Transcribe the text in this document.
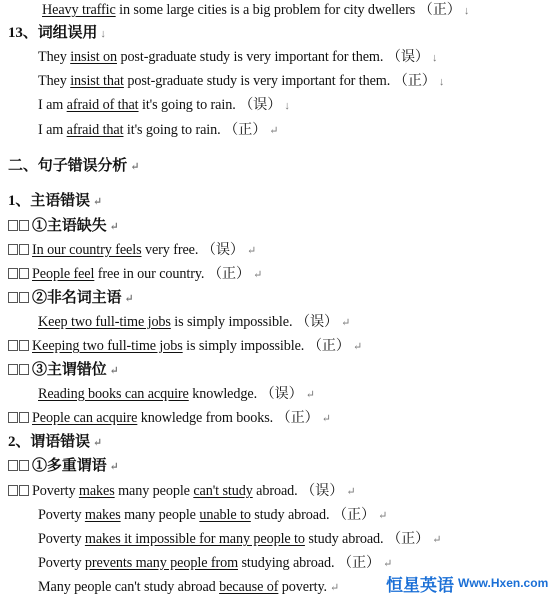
Heavy traffic in some large cities is a big problem for city dwellers （正） ↓
13、词组误用 ↓
They insist on post-graduate study is very important for them. （误） ↓
They insist that post-graduate study is very important for them. （正） ↓
I am afraid of that it's going to rain. （误） ↓
I am afraid that it's going to rain. （正） ↵
二、句子错误分析 ↵
1、主语错误 ↵
①主语缺失 ↵
In our country feels very free. （误） ↵
People feel free in our country. （正） ↵
②非名词主语 ↵
Keep two full-time jobs is simply impossible. （误） ↵
Keeping two full-time jobs is simply impossible. （正） ↵
③主谓错位 ↵
Reading books can acquire knowledge. （误） ↵
People can acquire knowledge from books. （正） ↵
2、谓语错误 ↵
①多重谓语 ↵
Poverty makes many people can't study abroad. （误） ↵
Poverty makes many people unable to study abroad. （正） ↵
Poverty makes it impossible for many people to study abroad. （正） ↵
Poverty prevents many people from studying abroad. （正） ↵
Many people can't study abroad because of poverty. ↵	恒星英语 Www.Hxen.com
